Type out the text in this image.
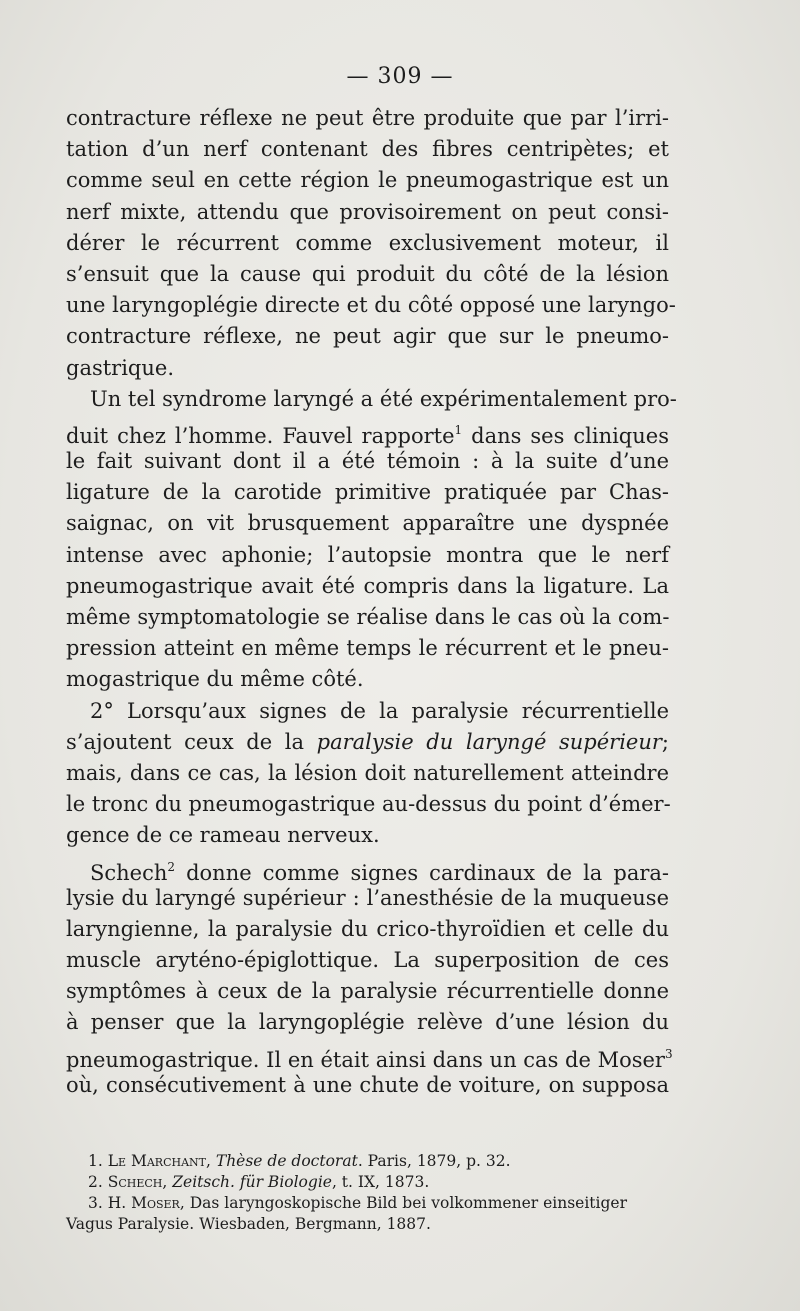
— 309 —
contracture réflexe ne peut être produite que par l’irri-
tation d’un nerf contenant des fibres centripètes; et
comme seul en cette région le pneumogastrique est un
nerf mixte, attendu que provisoirement on peut consi-
dérer le récurrent comme exclusivement moteur, il
s’ensuit que la cause qui produit du côté de la lésion
une laryngoplégie directe et du côté opposé une laryngo-
contracture réflexe, ne peut agir que sur le pneumo-
gastrique.
Un tel syndrome laryngé a été expérimentalement pro-
duit chez l’homme. Fauvel rapporte$^1$ dans ses cliniques
le fait suivant dont il a été témoin : à la suite d’une
ligature de la carotide primitive pratiquée par Chas-
saignac, on vit brusquement apparaître une dyspnée
intense avec aphonie; l’autopsie montra que le nerf
pneumogastrique avait été compris dans la ligature. La
même symptomatologie se réalise dans le cas où la com-
pression atteint en même temps le récurrent et le pneu-
mogastrique du même côté.
2° Lorsqu’aux signes de la paralysie récurrentielle
s’ajoutent ceux de la paralysie du laryngé supérieur;
mais, dans ce cas, la lésion doit naturellement atteindre
le tronc du pneumogastrique au-dessus du point d’émer-
gence de ce rameau nerveux.
Schech$^2$ donne comme signes cardinaux de la para-
lysie du laryngé supérieur : l’anesthésie de la muqueuse
laryngienne, la paralysie du crico-thyroïdien et celle du
muscle aryténo-épiglottique. La superposition de ces
symptômes à ceux de la paralysie récurrentielle donne
à penser que la laryngoplégie relève d’une lésion du
pneumogastrique. Il en était ainsi dans un cas de Moser$^3$
où, consécutivement à une chute de voiture, on supposa
1. Le Marchant, Thèse de doctorat. Paris, 1879, p. 32.
2. Schech, Zeitsch. für Biologie, t. IX, 1873.
3. H. Moser, Das laryngoskopische Bild bei volkommener einseitiger
Vagus Paralysie. Wiesbaden, Bergmann, 1887.
